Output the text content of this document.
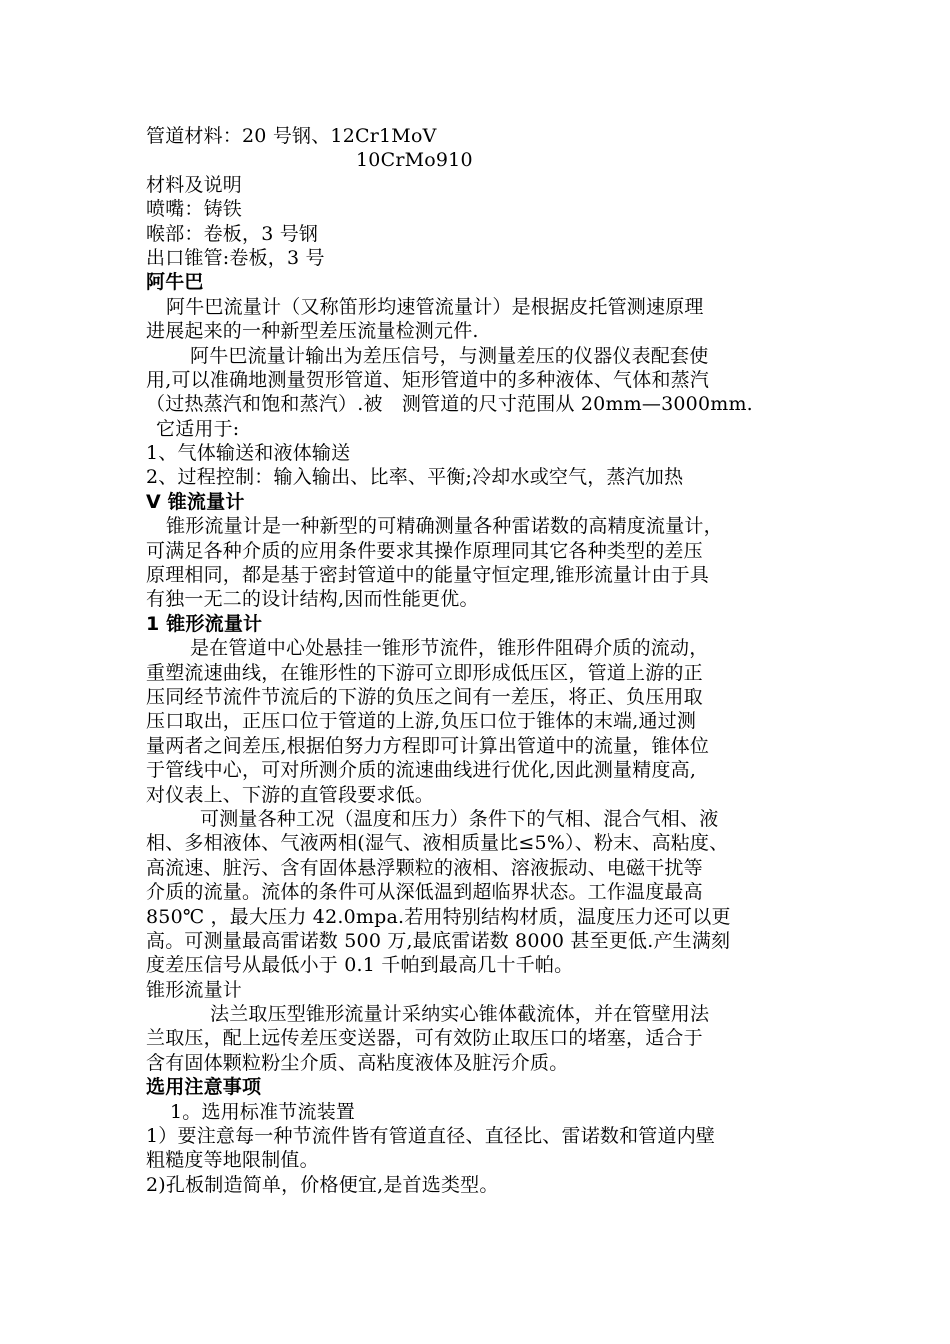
管道材料：20 号钢、12Cr1MoV
10CrMo910
材料及说明
喷嘴：铸铁
喉部：卷板，3 号钢
出口锥管:卷板，3 号
阿牛巴
阿牛巴流量计（又称笛形均速管流量计）是根据皮托管测速原理
进展起来的一种新型差压流量检测元件.
阿牛巴流量计输出为差压信号，与测量差压的仪器仪表配套使
用,可以准确地测量贺形管道、矩形管道中的多种液体、气体和蒸汽
（过热蒸汽和饱和蒸汽）.被　测管道的尺寸范围从 20mm—3000mm.
它适用于:
1、气体输送和液体输送
2、过程控制：输入输出、比率、平衡;冷却水或空气，蒸汽加热
V 锥流量计
锥形流量计是一种新型的可精确测量各种雷诺数的高精度流量计，
可满足各种介质的应用条件要求其操作原理同其它各种类型的差压
原理相同，都是基于密封管道中的能量守恒定理,锥形流量计由于具
有独一无二的设计结构,因而性能更优。
1 锥形流量计
是在管道中心处悬挂一锥形节流件，锥形件阻碍介质的流动，
重塑流速曲线，在锥形性的下游可立即形成低压区，管道上游的正
压同经节流件节流后的下游的负压之间有一差压，将正、负压用取
压口取出，正压口位于管道的上游,负压口位于锥体的末端,通过测
量两者之间差压,根据伯努力方程即可计算出管道中的流量，锥体位
于管线中心，可对所测介质的流速曲线进行优化,因此测量精度高,
对仪表上、下游的直管段要求低。
可测量各种工况（温度和压力）条件下的气相、混合气相、液
相、多相液体、气液两相(湿气、液相质量比≤5%）、粉末、高粘度、
高流速、脏污、含有固体悬浮颗粒的液相、溶液振动、电磁干扰等
介质的流量。流体的条件可从深低温到超临界状态。工作温度最高
850℃ ，最大压力 42.0mpa.若用特别结构材质，温度压力还可以更
高。可测量最高雷诺数 500 万,最底雷诺数 8000 甚至更低.产生满刻
度差压信号从最低小于 0.1 千帕到最高几十千帕。
锥形流量计
法兰取压型锥形流量计采纳实心锥体截流体，并在管壁用法
兰取压，配上远传差压变送器，可有效防止取压口的堵塞，适合于
含有固体颗粒粉尘介质、高粘度液体及脏污介质。
选用注意事项
1。选用标准节流装置
1）要注意每一种节流件皆有管道直径、直径比、雷诺数和管道内壁
粗糙度等地限制值。
2)孔板制造简单，价格便宜,是首选类型。
